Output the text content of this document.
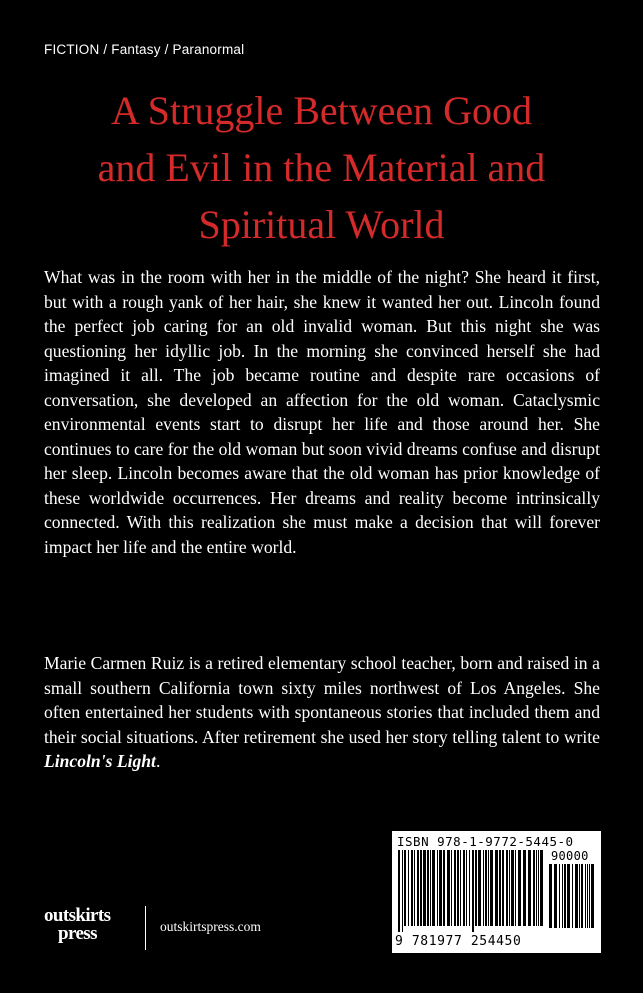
FICTION / Fantasy / Paranormal
A Struggle Between Good
and Evil in the Material and
Spiritual World

What was in the room with her in the middle of the night? She heard it first, but with a rough yank of her hair, she knew it wanted her out. Lincoln found the perfect job caring for an old invalid woman. But this night she was questioning her idyllic job. In the morning she convinced herself she had imagined it all. The job became routine and despite rare occasions of conversation, she developed an affection for the old woman. Cataclysmic environmental events start to disrupt her life and those around her. She continues to care for the old woman but soon vivid dreams confuse and disrupt her sleep. Lincoln becomes aware that the old woman has prior knowledge of these worldwide occurrences. Her dreams and reality become intrinsically connected. With this realization she must make a decision that will forever impact her life and the entire world.

Marie Carmen Ruiz is a retired elementary school teacher, born and raised in a small southern California town sixty miles northwest of Los Angeles. She often entertained her students with spontaneous stories that included them and their social situations. After retirement she used her story telling talent to write Lincoln's Light.

ISBN 978-1-9772-5445-0
90000
9 781977 254450
outskirts
press	outskirtspress.com
